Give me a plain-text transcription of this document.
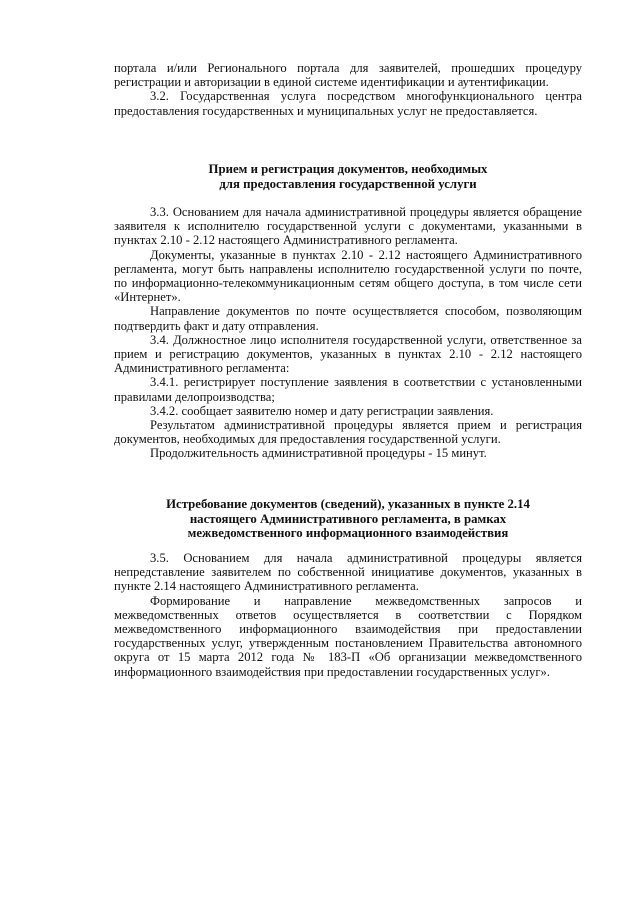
портала и/или Регионального портала для заявителей, прошедших процедуру регистрации и авторизации в единой системе идентификации и аутентификации.

3.2. Государственная услуга посредством многофункционального центра предоставления государственных и муниципальных услуг не предоставляется.

Прием и регистрация документов, необходимых
для предоставления государственной услуги

3.3. Основанием для начала административной процедуры является обращение заявителя к исполнителю государственной услуги с документами, указанными в пунктах 2.10 - 2.12 настоящего Административного регламента.

Документы, указанные в пунктах 2.10 - 2.12 настоящего Административного регламента, могут быть направлены исполнителю государственной услуги по почте, по информационно-телекоммуникационным сетям общего доступа, в том числе сети «Интернет».

Направление документов по почте осуществляется способом, позволяющим подтвердить факт и дату отправления.

3.4. Должностное лицо исполнителя государственной услуги, ответственное за прием и регистрацию документов, указанных в пунктах 2.10 - 2.12 настоящего Административного регламента:

3.4.1. регистрирует поступление заявления в соответствии с установленными правилами делопроизводства;

3.4.2. сообщает заявителю номер и дату регистрации заявления.

Результатом административной процедуры является прием и регистрация документов, необходимых для предоставления государственной услуги.

Продолжительность административной процедуры - 15 минут.

Истребование документов (сведений), указанных в пункте 2.14
настоящего Административного регламента, в рамках
межведомственного информационного взаимодействия

3.5. Основанием для начала административной процедуры является непредставление заявителем по собственной инициативе документов, указанных в пункте 2.14 настоящего Административного регламента.

Формирование и направление межведомственных запросов и межведомственных ответов осуществляется в соответствии с Порядком межведомственного информационного взаимодействия при предоставлении государственных услуг, утвержденным постановлением Правительства автономного округа от 15 марта 2012 года № 183-П «Об организации межведомственного информационного взаимодействия при предоставлении государственных услуг».
